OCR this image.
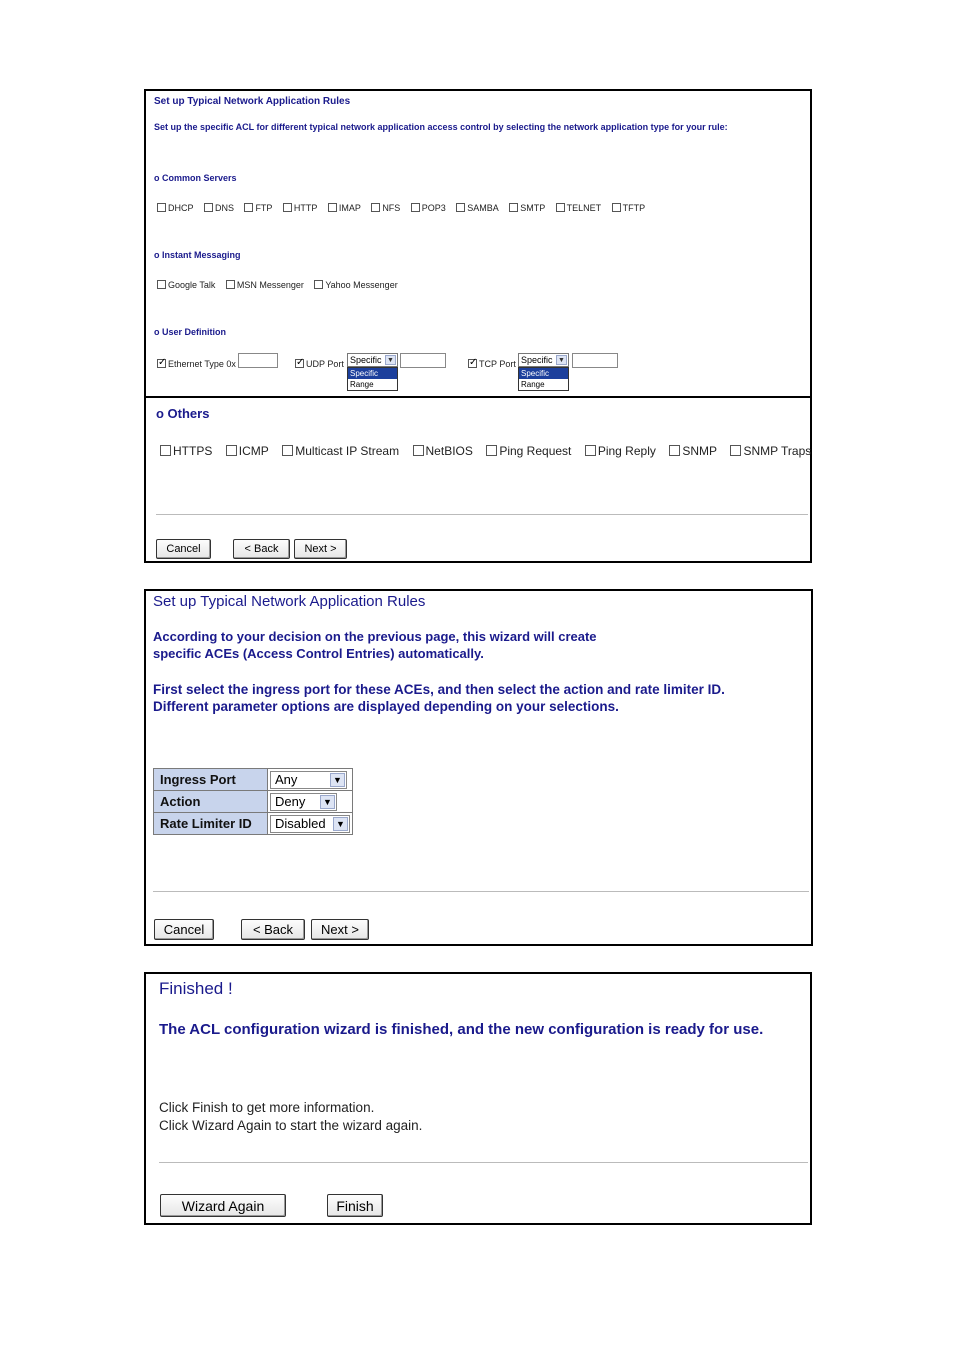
Set up Typical Network Application Rules
Set up the specific ACL for different typical network application access control by selecting the network application type for your rule:
o Common Servers
DHCP
DNS
FTP
HTTP
IMAP
NFS
POP3
SAMBA
SMTP
TELNET
TFTP
o Instant Messaging
Google Talk
MSN Messenger
Yahoo Messenger
o User Definition
✓
Ethernet Type 0x ✓	UDP Port Specific ▼
Specific
Range
✓
TCP Port Specific ▼
Specific
Range
o Others
HTTPS
ICMP
Multicast IP Stream
NetBIOS
Ping Request
Ping Reply
SNMP
SNMP Traps
Cancel	< Back	Next >
Set up Typical Network Application Rules
According to your decision on the previous page, this wizard will create
specific ACEs (Access Control Entries) automatically.
First select the ingress port for these ACEs, and then select the action and rate limiter ID.
Different parameter options are displayed depending on your selections.
Ingress Port	Any ▼

Action	Deny ▼

Rate Limiter ID	Disabled ▼
Cancel	< Back	Next >
Finished !
The ACL configuration wizard is finished, and the new configuration is ready for use.
Click Finish to get more information.
Click Wizard Again to start the wizard again.
Wizard Again	Finish
